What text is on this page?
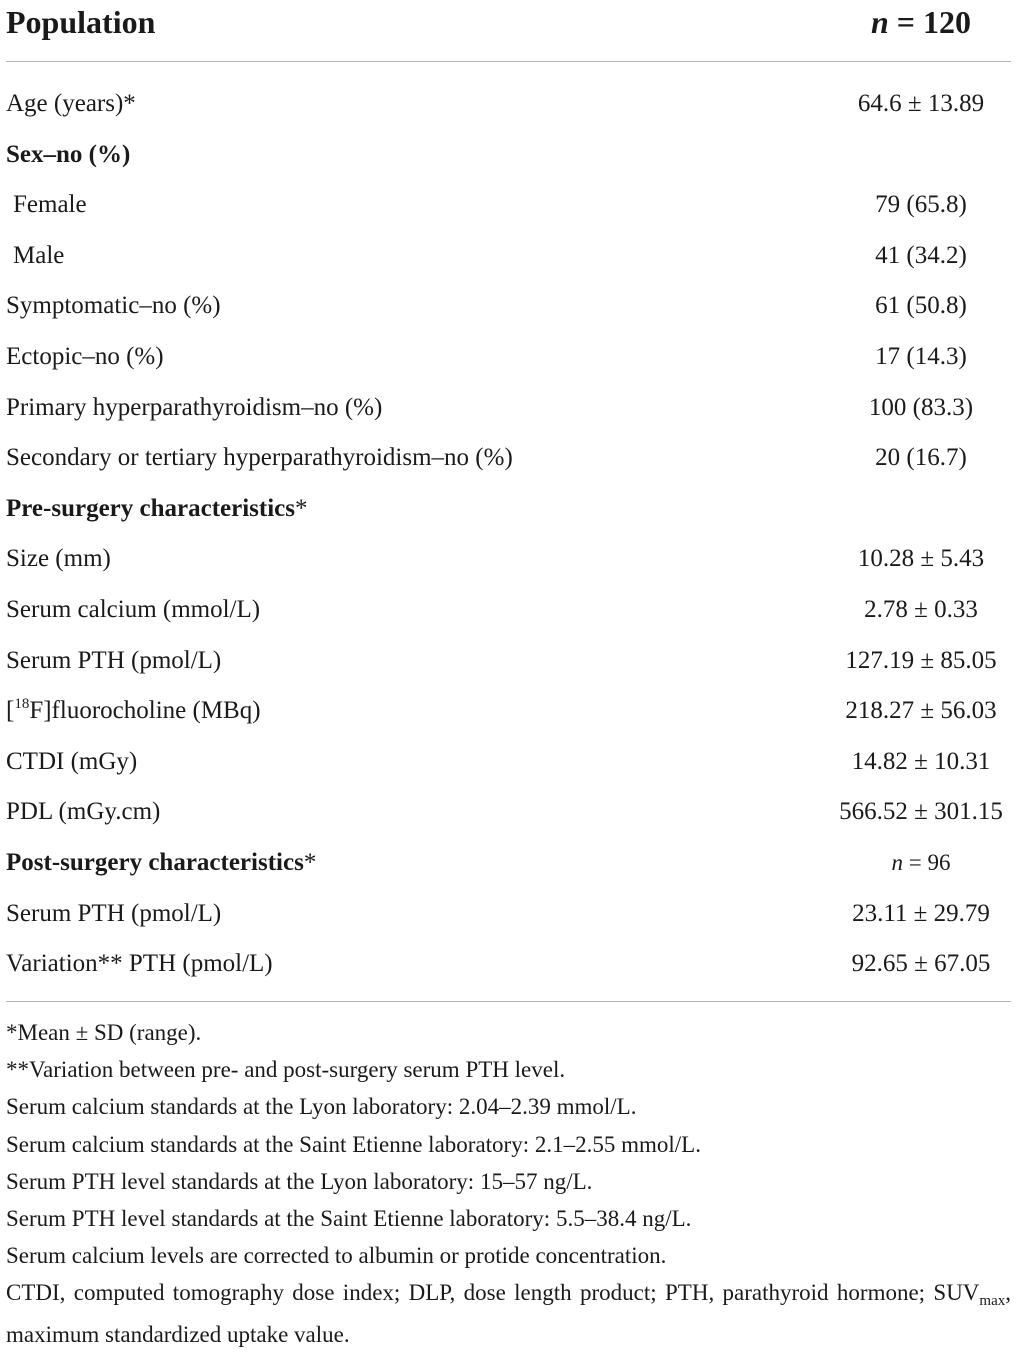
Population	n = 120
Age (years)*	64.6 ± 13.89
Sex–no (%)
Female	79 (65.8)
Male	41 (34.2)
Symptomatic–no (%)	61 (50.8)
Ectopic–no (%)	17 (14.3)
Primary hyperparathyroidism–no (%)	100 (83.3)
Secondary or tertiary hyperparathyroidism–no (%)	20 (16.7)
Pre-surgery characteristics*
Size (mm)	10.28 ± 5.43
Serum calcium (mmol/L)	2.78 ± 0.33
Serum PTH (pmol/L)	127.19 ± 85.05
[$^{18}$F]fluorocholine (MBq)	218.27 ± 56.03
CTDI (mGy)	14.82 ± 10.31
PDL (mGy.cm)	566.52 ± 301.15
Post-surgery characteristics*	n = 96
Serum PTH (pmol/L)	23.11 ± 29.79
Variation** PTH (pmol/L)	92.65 ± 67.05
*Mean ± SD (range).
**Variation between pre- and post-surgery serum PTH level.
Serum calcium standards at the Lyon laboratory: 2.04–2.39 mmol/L.
Serum calcium standards at the Saint Etienne laboratory: 2.1–2.55 mmol/L.
Serum PTH level standards at the Lyon laboratory: 15–57 ng/L.
Serum PTH level standards at the Saint Etienne laboratory: 5.5–38.4 ng/L.
Serum calcium levels are corrected to albumin or protide concentration.
CTDI, computed tomography dose index; DLP, dose length product; PTH, parathyroid hormone; $SUV_{max}$, maximum standardized uptake value.
